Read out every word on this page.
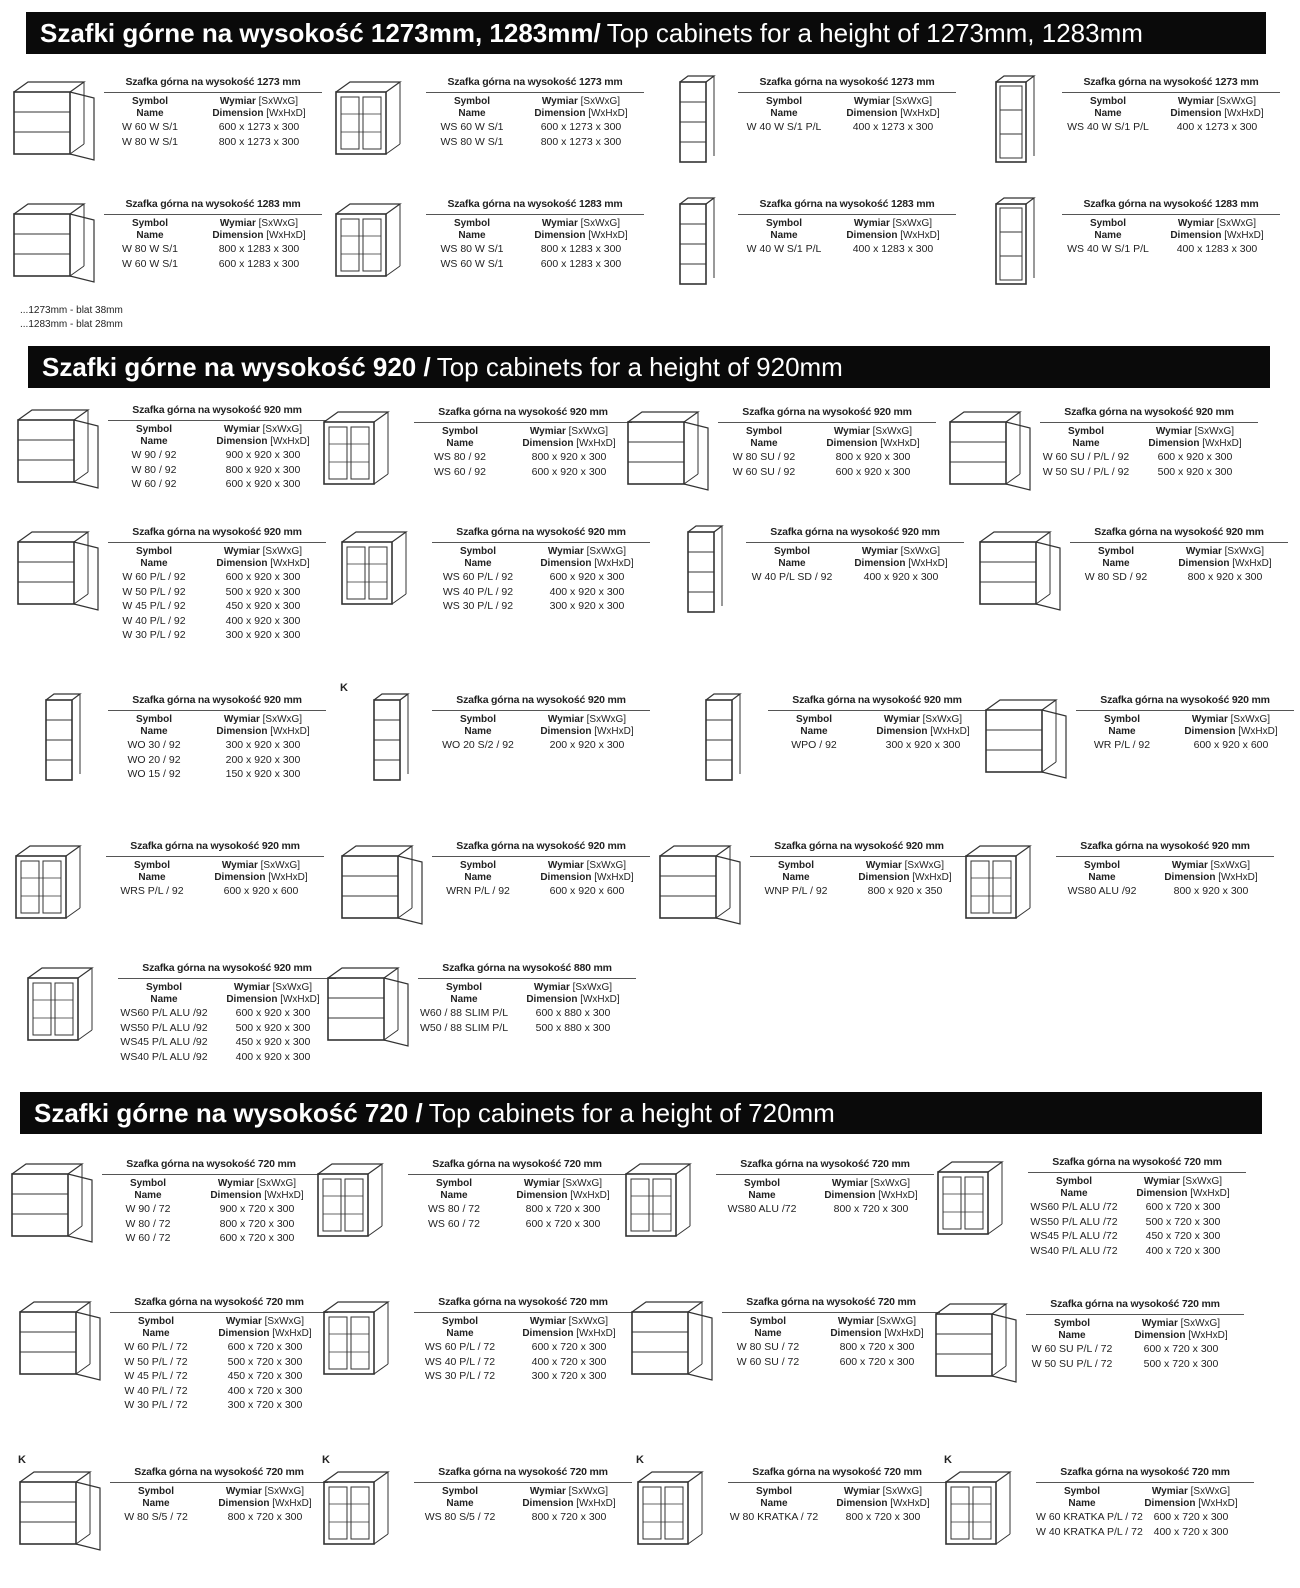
Szafki górne na wysokość 1273mm, 1283mm/ Top cabinets for a height of 1273mm, 1283mm
...1273mm - blat 38mm
...1283mm - blat 28mm
Szafki górne na wysokość 920 / Top cabinets for a height of 920mm
Szafki górne na wysokość 720 / Top cabinets for a height of 720mm
Szafka górna na wysokość 1273 mm
Symbol
Name
Wymiar [SxWxG]
Dimension [WxHxD]
W 60 W S/1	600 x 1273 x 300
W 80 W S/1	800 x 1273 x 300
Szafka górna na wysokość 1273 mm
Symbol
Name
Wymiar [SxWxG]
Dimension [WxHxD]
WS 60 W S/1	600 x 1273 x 300
WS 80 W S/1	800 x 1273 x 300
Szafka górna na wysokość 1273 mm
Symbol
Name
Wymiar [SxWxG]
Dimension [WxHxD]
W 40 W S/1 P/L	400 x 1273 x 300
Szafka górna na wysokość 1273 mm
Symbol
Name
Wymiar [SxWxG]
Dimension [WxHxD]
WS 40 W S/1 P/L	400 x 1273 x 300
Szafka górna na wysokość 1283 mm
Symbol
Name
Wymiar [SxWxG]
Dimension [WxHxD]
W 80 W S/1	800 x 1283 x 300
W 60 W S/1	600 x 1283 x 300
Szafka górna na wysokość 1283 mm
Symbol
Name
Wymiar [SxWxG]
Dimension [WxHxD]
WS 80 W S/1	800 x 1283 x 300
WS 60 W S/1	600 x 1283 x 300
Szafka górna na wysokość 1283 mm
Symbol
Name
Wymiar [SxWxG]
Dimension [WxHxD]
W 40 W S/1 P/L	400 x 1283 x 300
Szafka górna na wysokość 1283 mm
Symbol
Name
Wymiar [SxWxG]
Dimension [WxHxD]
WS 40 W S/1 P/L	400 x 1283 x 300
Szafka górna na wysokość 920 mm
Symbol
Name
Wymiar [SxWxG]
Dimension [WxHxD]
W 90 / 92	900 x 920 x 300
W 80 / 92	800 x 920 x 300
W 60 / 92	600 x 920 x 300
Szafka górna na wysokość 920 mm
Symbol
Name
Wymiar [SxWxG]
Dimension [WxHxD]
WS 80 / 92	800 x 920 x 300
WS 60 / 92	600 x 920 x 300
Szafka górna na wysokość 920 mm
Symbol
Name
Wymiar [SxWxG]
Dimension [WxHxD]
W 80 SU / 92	800 x 920 x 300
W 60 SU / 92	600 x 920 x 300
Szafka górna na wysokość 920 mm
Symbol
Name
Wymiar [SxWxG]
Dimension [WxHxD]
W 60 SU / P/L / 92	600 x 920 x 300
W 50 SU / P/L / 92	500 x 920 x 300
Szafka górna na wysokość 920 mm
Symbol
Name
Wymiar [SxWxG]
Dimension [WxHxD]
W 60 P/L / 92	600 x 920 x 300
W 50 P/L / 92	500 x 920 x 300
W 45 P/L / 92	450 x 920 x 300
W 40 P/L / 92	400 x 920 x 300
W 30 P/L / 92	300 x 920 x 300
Szafka górna na wysokość 920 mm
Symbol
Name
Wymiar [SxWxG]
Dimension [WxHxD]
WS 60 P/L / 92	600 x 920 x 300
WS 40 P/L / 92	400 x 920 x 300
WS 30 P/L / 92	300 x 920 x 300
Szafka górna na wysokość 920 mm
Symbol
Name
Wymiar [SxWxG]
Dimension [WxHxD]
W 40 P/L SD / 92	400 x 920 x 300
Szafka górna na wysokość 920 mm
Symbol
Name
Wymiar [SxWxG]
Dimension [WxHxD]
W 80 SD / 92	800 x 920 x 300
Szafka górna na wysokość 920 mm
Symbol
Name
Wymiar [SxWxG]
Dimension [WxHxD]
WO 30 / 92	300 x 920 x 300
WO 20 / 92	200 x 920 x 300
WO 15 / 92	150 x 920 x 300
K
Szafka górna na wysokość 920 mm
Symbol
Name
Wymiar [SxWxG]
Dimension [WxHxD]
WO 20 S/2 / 92	200 x 920 x 300
Szafka górna na wysokość 920 mm
Symbol
Name
Wymiar [SxWxG]
Dimension [WxHxD]
WPO / 92	300 x 920 x 300
Szafka górna na wysokość 920 mm
Symbol
Name
Wymiar [SxWxG]
Dimension [WxHxD]
WR P/L / 92	600 x 920 x 600
Szafka górna na wysokość 920 mm
Symbol
Name
Wymiar [SxWxG]
Dimension [WxHxD]
WRS P/L / 92	600 x 920 x 600
Szafka górna na wysokość 920 mm
Symbol
Name
Wymiar [SxWxG]
Dimension [WxHxD]
WRN P/L / 92	600 x 920 x 600
Szafka górna na wysokość 920 mm
Symbol
Name
Wymiar [SxWxG]
Dimension [WxHxD]
WNP P/L / 92	800 x 920 x 350
Szafka górna na wysokość 920 mm
Symbol
Name
Wymiar [SxWxG]
Dimension [WxHxD]
WS80 ALU /92	800 x 920 x 300
Szafka górna na wysokość 920 mm
Symbol
Name
Wymiar [SxWxG]
Dimension [WxHxD]
WS60 P/L ALU /92	600 x 920 x 300
WS50 P/L ALU /92	500 x 920 x 300
WS45 P/L ALU /92	450 x 920 x 300
WS40 P/L ALU /92	400 x 920 x 300
Szafka górna na wysokość 880 mm
Symbol
Name
Wymiar [SxWxG]
Dimension [WxHxD]
W60 / 88 SLIM P/L	600 x 880 x 300
W50 / 88 SLIM P/L	500 x 880 x 300
Szafka górna na wysokość 720 mm
Symbol
Name
Wymiar [SxWxG]
Dimension [WxHxD]
W 90 / 72	900 x 720 x 300
W 80 / 72	800 x 720 x 300
W 60 / 72	600 x 720 x 300
Szafka górna na wysokość 720 mm
Symbol
Name
Wymiar [SxWxG]
Dimension [WxHxD]
WS 80 / 72	800 x 720 x 300
WS 60 / 72	600 x 720 x 300
Szafka górna na wysokość 720 mm
Symbol
Name
Wymiar [SxWxG]
Dimension [WxHxD]
WS80 ALU /72	800 x 720 x 300
Szafka górna na wysokość 720 mm
Symbol
Name
Wymiar [SxWxG]
Dimension [WxHxD]
WS60 P/L ALU /72	600 x 720 x 300
WS50 P/L ALU /72	500 x 720 x 300
WS45 P/L ALU /72	450 x 720 x 300
WS40 P/L ALU /72	400 x 720 x 300
Szafka górna na wysokość 720 mm
Symbol
Name
Wymiar [SxWxG]
Dimension [WxHxD]
W 60 P/L / 72	600 x 720 x 300
W 50 P/L / 72	500 x 720 x 300
W 45 P/L / 72	450 x 720 x 300
W 40 P/L / 72	400 x 720 x 300
W 30 P/L / 72	300 x 720 x 300
Szafka górna na wysokość 720 mm
Symbol
Name
Wymiar [SxWxG]
Dimension [WxHxD]
WS 60 P/L / 72	600 x 720 x 300
WS 40 P/L / 72	400 x 720 x 300
WS 30 P/L / 72	300 x 720 x 300
Szafka górna na wysokość 720 mm
Symbol
Name
Wymiar [SxWxG]
Dimension [WxHxD]
W 80 SU / 72	800 x 720 x 300
W 60 SU / 72	600 x 720 x 300
Szafka górna na wysokość 720 mm
Symbol
Name
Wymiar [SxWxG]
Dimension [WxHxD]
W 60 SU P/L / 72	600 x 720 x 300
W 50 SU P/L / 72	500 x 720 x 300
K
Szafka górna na wysokość 720 mm
Symbol
Name
Wymiar [SxWxG]
Dimension [WxHxD]
W 80 S/5 / 72	800 x 720 x 300
K
Szafka górna na wysokość 720 mm
Symbol
Name
Wymiar [SxWxG]
Dimension [WxHxD]
WS 80 S/5 / 72	800 x 720 x 300
K
Szafka górna na wysokość 720 mm
Symbol
Name
Wymiar [SxWxG]
Dimension [WxHxD]
W 80 KRATKA / 72	800 x 720 x 300
K
Szafka górna na wysokość 720 mm
Symbol
Name
Wymiar [SxWxG]
Dimension [WxHxD]
W 60 KRATKA P/L / 72	600 x 720 x 300
W 40 KRATKA P/L / 72	400 x 720 x 300
